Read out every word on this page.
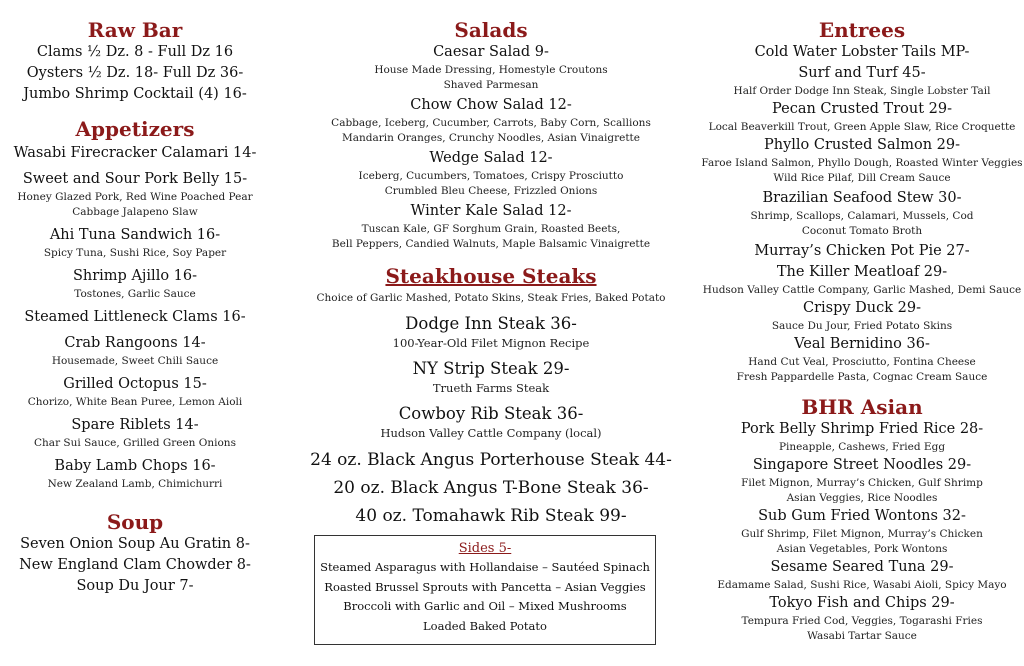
Raw Bar

Clams ½ Dz. 8 - Full Dz 16

Oysters ½ Dz. 18- Full Dz 36-

Jumbo Shrimp Cocktail (4) 16-

Appetizers

Wasabi Firecracker Calamari 14-

Sweet and Sour Pork Belly 15-

Honey Glazed Pork, Red Wine Poached Pear

Cabbage Jalapeno Slaw

Ahi Tuna Sandwich 16-

Spicy Tuna, Sushi Rice, Soy Paper

Shrimp Ajillo 16-

Tostones, Garlic Sauce

Steamed Littleneck Clams 16-

Crab Rangoons 14-

Housemade, Sweet Chili Sauce

Grilled Octopus 15-

Chorizo, White Bean Puree, Lemon Aioli

Spare Riblets 14-

Char Sui Sauce, Grilled Green Onions

Baby Lamb Chops 16-

New Zealand Lamb, Chimichurri

Soup

Seven Onion Soup Au Gratin 8-

New England Clam Chowder 8-

Soup Du Jour 7-

Salads

Caesar Salad 9-

House Made Dressing, Homestyle Croutons

Shaved Parmesan

Chow Chow Salad 12-

Cabbage, Iceberg, Cucumber, Carrots, Baby Corn, Scallions

Mandarin Oranges, Crunchy Noodles, Asian Vinaigrette

Wedge Salad 12-

Iceberg, Cucumbers, Tomatoes, Crispy Prosciutto

Crumbled Bleu Cheese, Frizzled Onions

Winter Kale Salad 12-

Tuscan Kale, GF Sorghum Grain, Roasted Beets,

Bell Peppers, Candied Walnuts, Maple Balsamic Vinaigrette

Steakhouse Steaks

Choice of Garlic Mashed, Potato Skins, Steak Fries, Baked Potato

Dodge Inn Steak 36-

100-Year-Old Filet Mignon Recipe

NY Strip Steak 29-

Trueth Farms Steak

Cowboy Rib Steak 36-

Hudson Valley Cattle Company (local)

24 oz. Black Angus Porterhouse Steak 44-

20 oz. Black Angus T-Bone Steak 36-

40 oz. Tomahawk Rib Steak 99-

Sides 5-
Steamed Asparagus with Hollandaise – Sautéed Spinach
Roasted Brussel Sprouts with Pancetta – Asian Veggies
Broccoli with Garlic and Oil – Mixed Mushrooms
Loaded Baked Potato
Entrees

Cold Water Lobster Tails MP-

Surf and Turf 45-

Half Order Dodge Inn Steak, Single Lobster Tail

Pecan Crusted Trout 29-

Local Beaverkill Trout, Green Apple Slaw, Rice Croquette

Phyllo Crusted Salmon 29-

Faroe Island Salmon, Phyllo Dough, Roasted Winter Veggies

Wild Rice Pilaf, Dill Cream Sauce

Brazilian Seafood Stew 30-

Shrimp, Scallops, Calamari, Mussels, Cod

Coconut Tomato Broth

Murray’s Chicken Pot Pie 27-

The Killer Meatloaf 29-

Hudson Valley Cattle Company, Garlic Mashed, Demi Sauce

Crispy Duck 29-

Sauce Du Jour, Fried Potato Skins

Veal Bernidino 36-

Hand Cut Veal, Prosciutto, Fontina Cheese

Fresh Pappardelle Pasta, Cognac Cream Sauce

BHR Asian

Pork Belly Shrimp Fried Rice 28-

Pineapple, Cashews, Fried Egg

Singapore Street Noodles 29-

Filet Mignon, Murray’s Chicken, Gulf Shrimp

Asian Veggies, Rice Noodles

Sub Gum Fried Wontons 32-

Gulf Shrimp, Filet Mignon, Murray’s Chicken

Asian Vegetables, Pork Wontons

Sesame Seared Tuna 29-

Edamame Salad, Sushi Rice, Wasabi Aioli, Spicy Mayo

Tokyo Fish and Chips 29-

Tempura Fried Cod, Veggies, Togarashi Fries

Wasabi Tartar Sauce
